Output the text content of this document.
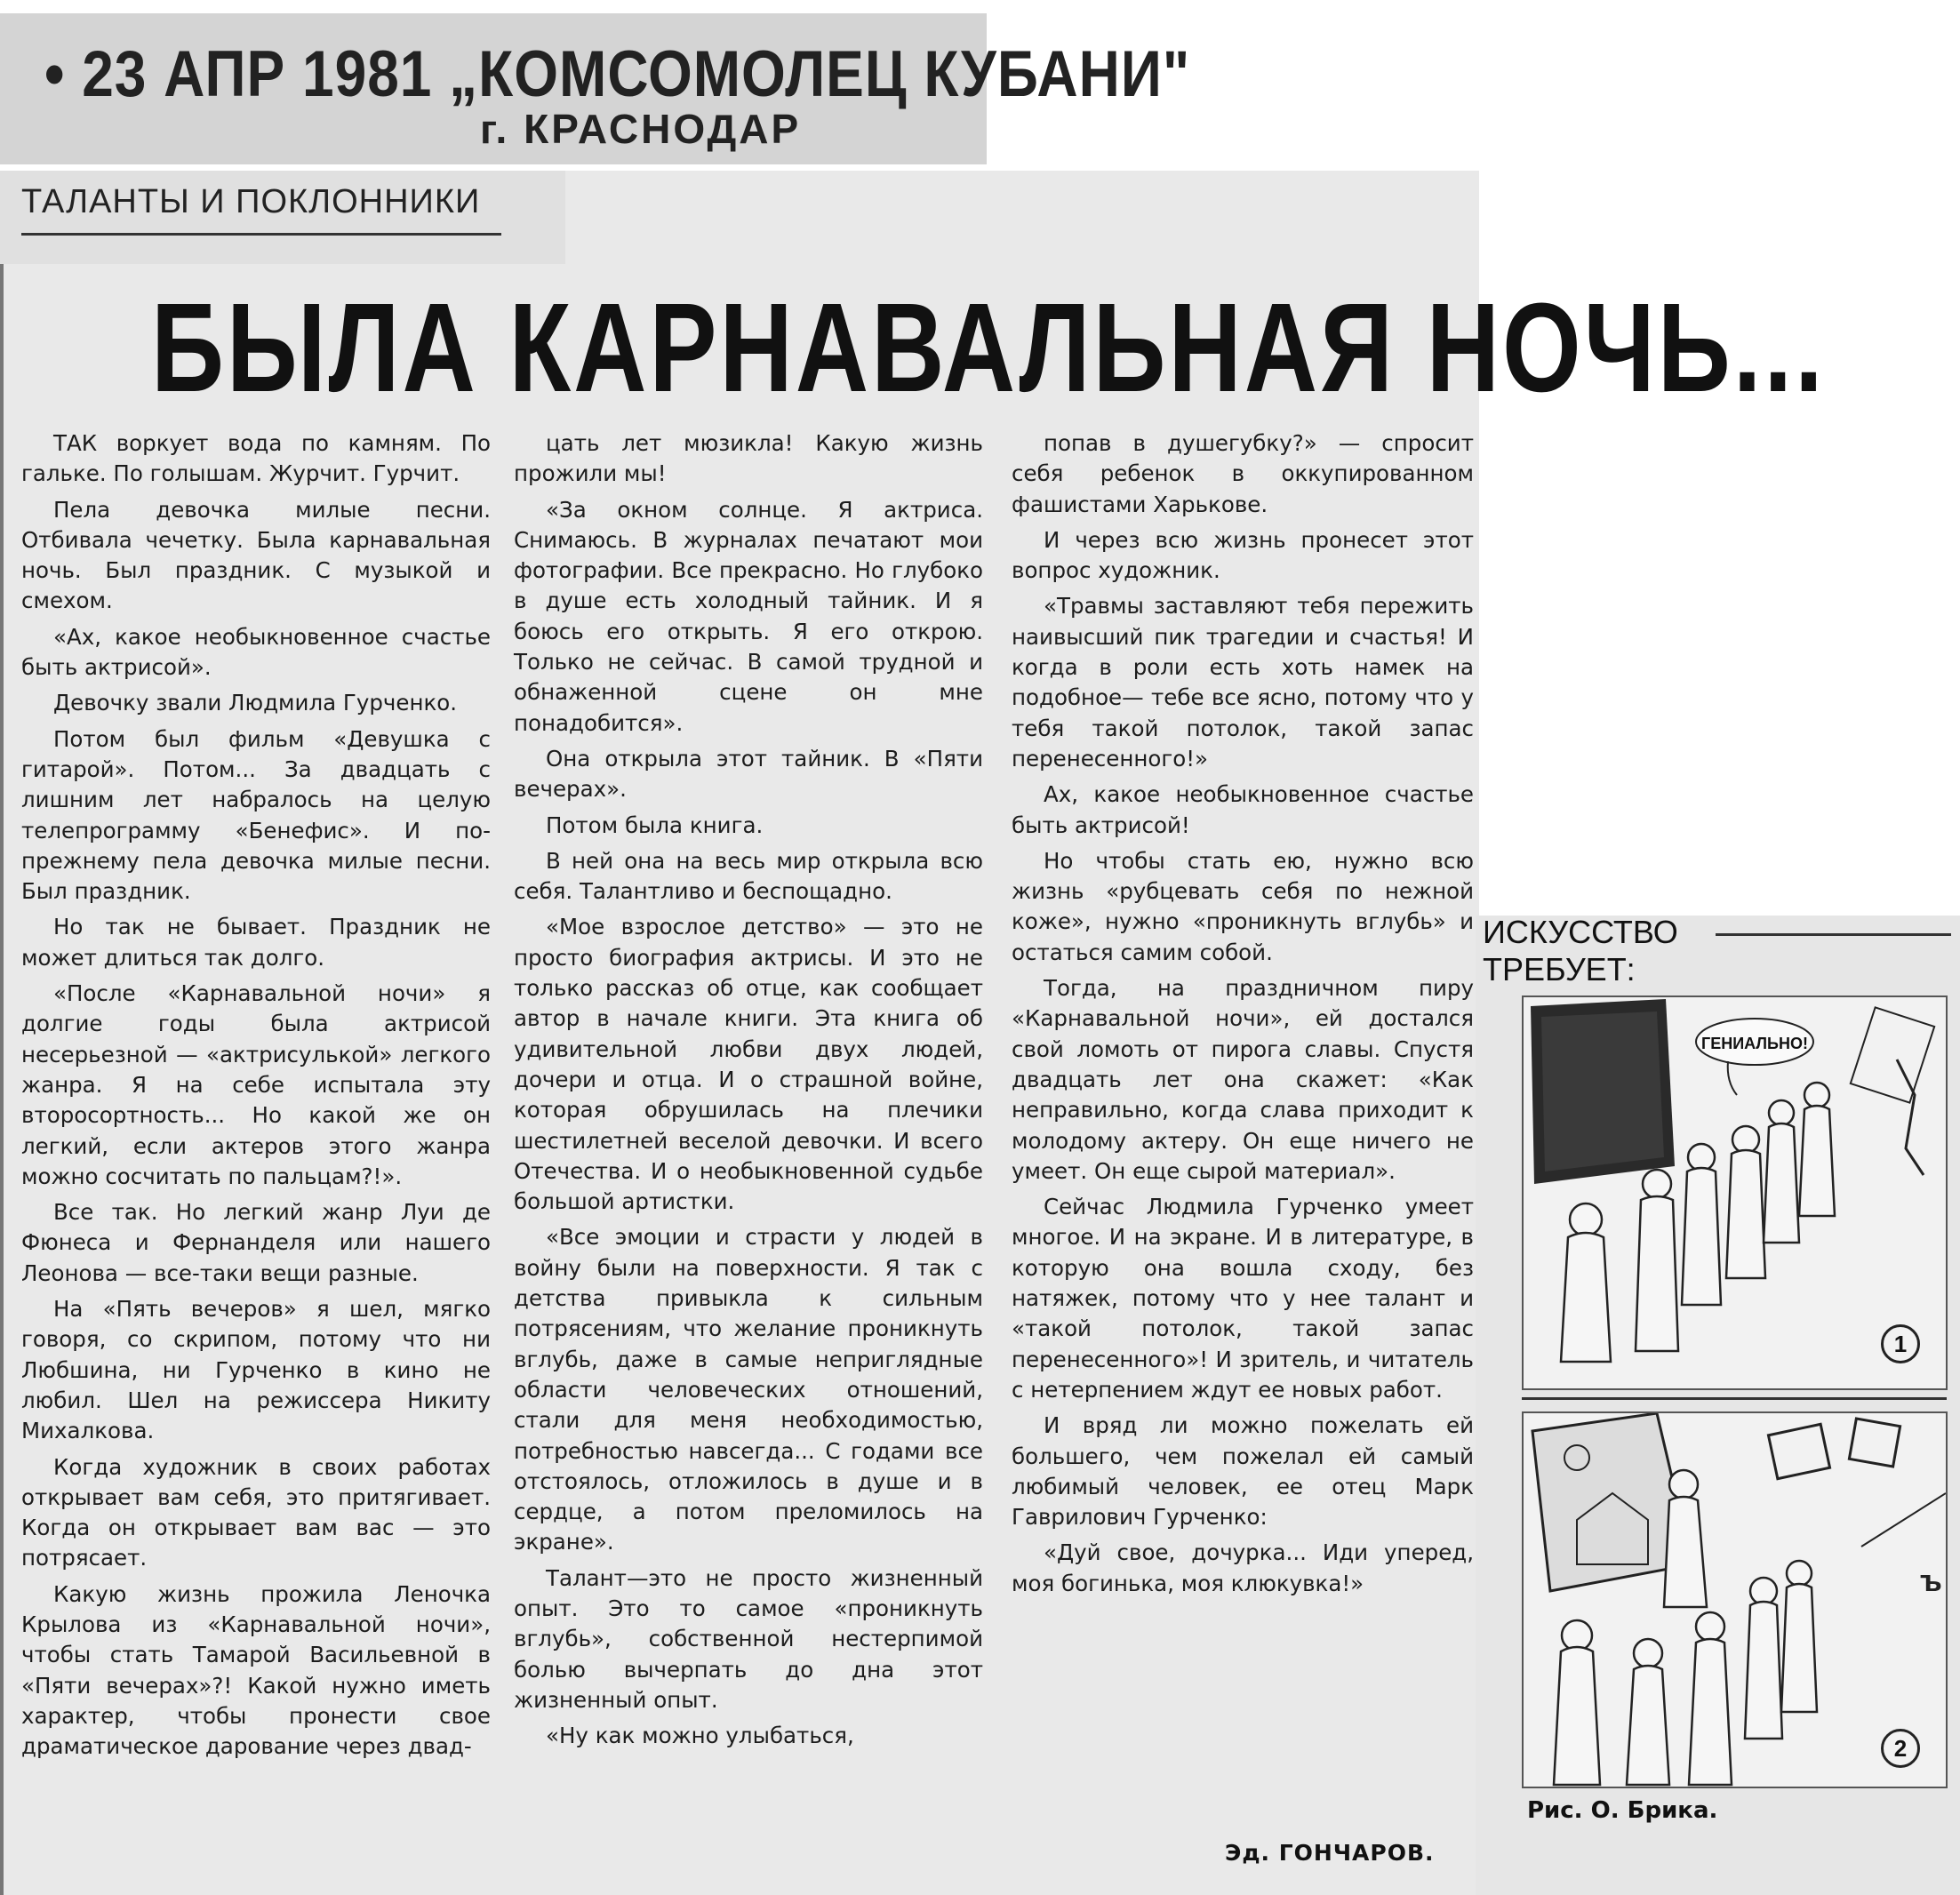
• 23 АПР 1981 „КОМСОМОЛЕЦ КУБАНИ"
г. КРАСНОДАР
ТАЛАНТЫ И ПОКЛОННИКИ
БЫЛА КАРНАВАЛЬНАЯ НОЧЬ...

ТАК воркует вода по камням. По гальке. По голышам. Журчит. Гурчит.

Пела девочка милые песни. Отбивала чечетку. Была карнавальная ночь. Был праздник. С музыкой и смехом.

«Ах, какое необыкновенное счастье быть актрисой».

Девочку звали Людмила Гурченко.

Потом был фильм «Девушка с гитарой». Потом... За двадцать с лишним лет набралось на целую телепрограмму «Бенефис». И по-прежнему пела девочка милые песни. Был праздник.

Но так не бывает. Праздник не может длиться так долго.

«После «Карнавальной ночи» я долгие годы была актрисой несерьезной — «актрисулькой» легкого жанра. Я на себе испытала эту второсортность... Но какой же он легкий, если актеров этого жанра можно сосчитать по пальцам?!».

Все так. Но легкий жанр Луи де Фюнеса и Фернанделя или нашего Леонова — все-таки вещи разные.

На «Пять вечеров» я шел, мягко говоря, со скрипом, потому что ни Любшина, ни Гурченко в кино не любил. Шел на режиссера Никиту Михалкова.

Когда художник в своих работах открывает вам себя, это притягивает. Когда он открывает вам вас — это потрясает.

Какую жизнь прожила Леночка Крылова из «Карнавальной ночи», чтобы стать Тамарой Васильевной в «Пяти вечерах»?! Какой нужно иметь характер, чтобы пронести свое драматическое дарование через двад-

цать лет мюзикла! Какую жизнь прожили мы!

«За окном солнце. Я актриса. Снимаюсь. В журналах печатают мои фотографии. Все прекрасно. Но глубоко в душе есть холодный тайник. И я боюсь его открыть. Я его открою. Только не сейчас. В самой трудной и обнаженной сцене он мне понадобится».

Она открыла этот тайник. В «Пяти вечерах».

Потом была книга.

В ней она на весь мир открыла всю себя. Талантливо и беспощадно.

«Мое взрослое детство» — это не просто биография актрисы. И это не только рассказ об отце, как сообщает автор в начале книги. Эта книга об удивительной любви двух людей, дочери и отца. И о страшной войне, которая обрушилась на плечики шестилетней веселой девочки. И всего Отечества. И о необыкновенной судьбе большой артистки.

«Все эмоции и страсти у людей в войну были на поверхности. Я так с детства привыкла к сильным потрясениям, что желание проникнуть вглубь, даже в самые неприглядные области человеческих отношений, стали для меня необходимостью, потребностью навсегда... С годами все отстоялось, отложилось в душе и в сердце, а потом преломилось на экране».

Талант—это не просто жизненный опыт. Это то самое «проникнуть вглубь», собственной нестерпимой болью вычерпать до дна этот жизненный опыт.

«Ну как можно улыбаться,

попав в душегубку?» — спросит себя ребенок в оккупированном фашистами Харькове.

И через всю жизнь пронесет этот вопрос художник.

«Травмы заставляют тебя пережить наивысший пик трагедии и счастья! И когда в роли есть хоть намек на подобное— тебе все ясно, потому что у тебя такой потолок, такой запас перенесенного!»

Ах, какое необыкновенное счастье быть актрисой!

Но чтобы стать ею, нужно всю жизнь «рубцевать себя по нежной коже», нужно «проникнуть вглубь» и остаться самим собой.

Тогда, на праздничном пиру «Карнавальной ночи», ей достался свой ломоть от пирога славы. Спустя двадцать лет она скажет: «Как неправильно, когда слава приходит к молодому актеру. Он еще ничего не умеет. Он еще сырой материал».

Сейчас Людмила Гурченко умеет многое. И на экране. И в литературе, в которую она вошла сходу, без натяжек, потому что у нее талант и «такой потолок, такой запас перенесенного»! И зритель, и читатель с нетерпением ждут ее новых работ.

И вряд ли можно пожелать ей большего, чем пожелал ей самый любимый человек, ее отец Марк Гаврилович Гурченко:

«Дуй свое, дочурка... Иди уперед, моя богинька, моя клюкувка!»

Эд. ГОНЧАРОВ.
ИСКУССТВО
ТРЕБУЕТ:
ГЕНИАЛЬНО!
1
2
Рис. О. Брика.
ъ
